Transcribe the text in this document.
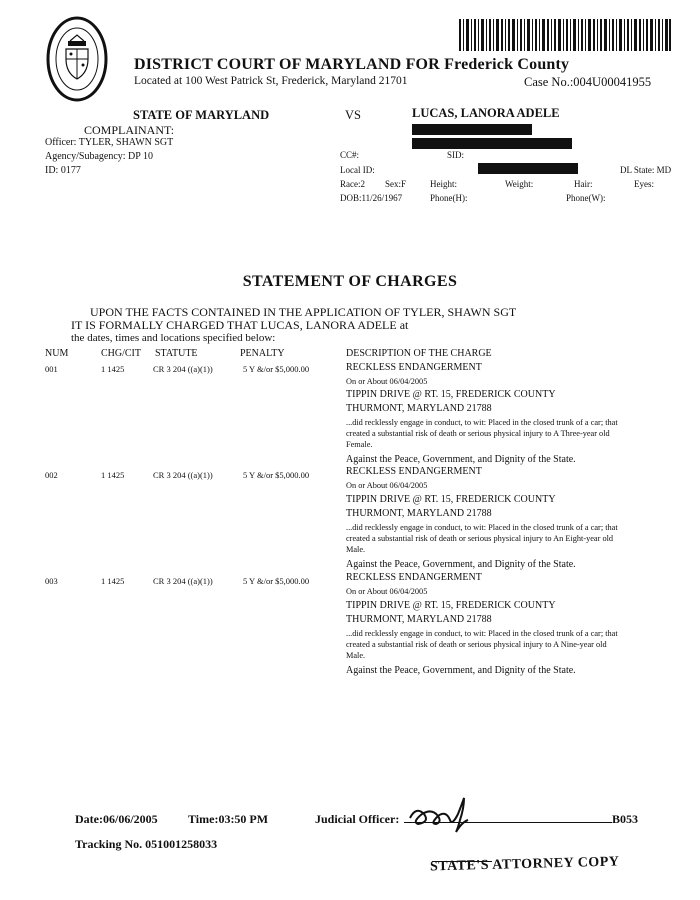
DISTRICT COURT OF MARYLAND FOR Frederick County
Located at 100 West Patrick St, Frederick, Maryland 21701	Case No.:004U00041955
STATE OF MARYLAND	VS	LUCAS, LANORA ADELE
COMPLAINANT:
Officer: TYLER, SHAWN SGT
Agency/Subagency: DP 10
ID: 0177
CC#:	SID:
Local ID:	DL State: MD
Race:2 Sex:F	Height:	Weight:	Hair:	Eyes:
DOB:11/26/1967	Phone(H):	Phone(W):
STATEMENT OF CHARGES
UPON THE FACTS CONTAINED IN THE APPLICATION OF TYLER, SHAWN SGT
IT IS FORMALLY CHARGED THAT LUCAS, LANORA ADELE at
the dates, times and locations specified below:
NUM	CHG/CIT STATUTE	PENALTY	DESCRIPTION OF THE CHARGE
001	1 1425	CR 3 204 ((a)(1))	5 Y &/or $5,000.00	RECKLESS ENDANGERMENT
On or About 06/04/2005
TIPPIN DRIVE @ RT. 15, FREDERICK COUNTY
THURMONT, MARYLAND 21788
...did recklessly engage in conduct, to wit: Placed in the closed trunk of a car; that
created a substantial risk of death or serious physical injury to A Three-year old
Female.
Against the Peace, Government, and Dignity of the State.
002	1 1425	CR 3 204 ((a)(1))	5 Y &/or $5,000.00	RECKLESS ENDANGERMENT
On or About 06/04/2005
TIPPIN DRIVE @ RT. 15, FREDERICK COUNTY
THURMONT, MARYLAND 21788
...did recklessly engage in conduct, to wit: Placed in the closed trunk of a car; that
created a substantial risk of death or serious physical injury to An Eight-year old
Male.
Against the Peace, Government, and Dignity of the State.
003	1 1425	CR 3 204 ((a)(1))	5 Y &/or $5,000.00	RECKLESS ENDANGERMENT
On or About 06/04/2005
TIPPIN DRIVE @ RT. 15, FREDERICK COUNTY
THURMONT, MARYLAND 21788
...did recklessly engage in conduct, to wit: Placed in the closed trunk of a car; that
created a substantial risk of death or serious physical injury to A Nine-year old
Male.
Against the Peace, Government, and Dignity of the State.
Date:06/06/2005	Time:03:50 PM	Judicial Officer:	B053
Tracking No. 051001258033
STATE'S ATTORNEY COPY
